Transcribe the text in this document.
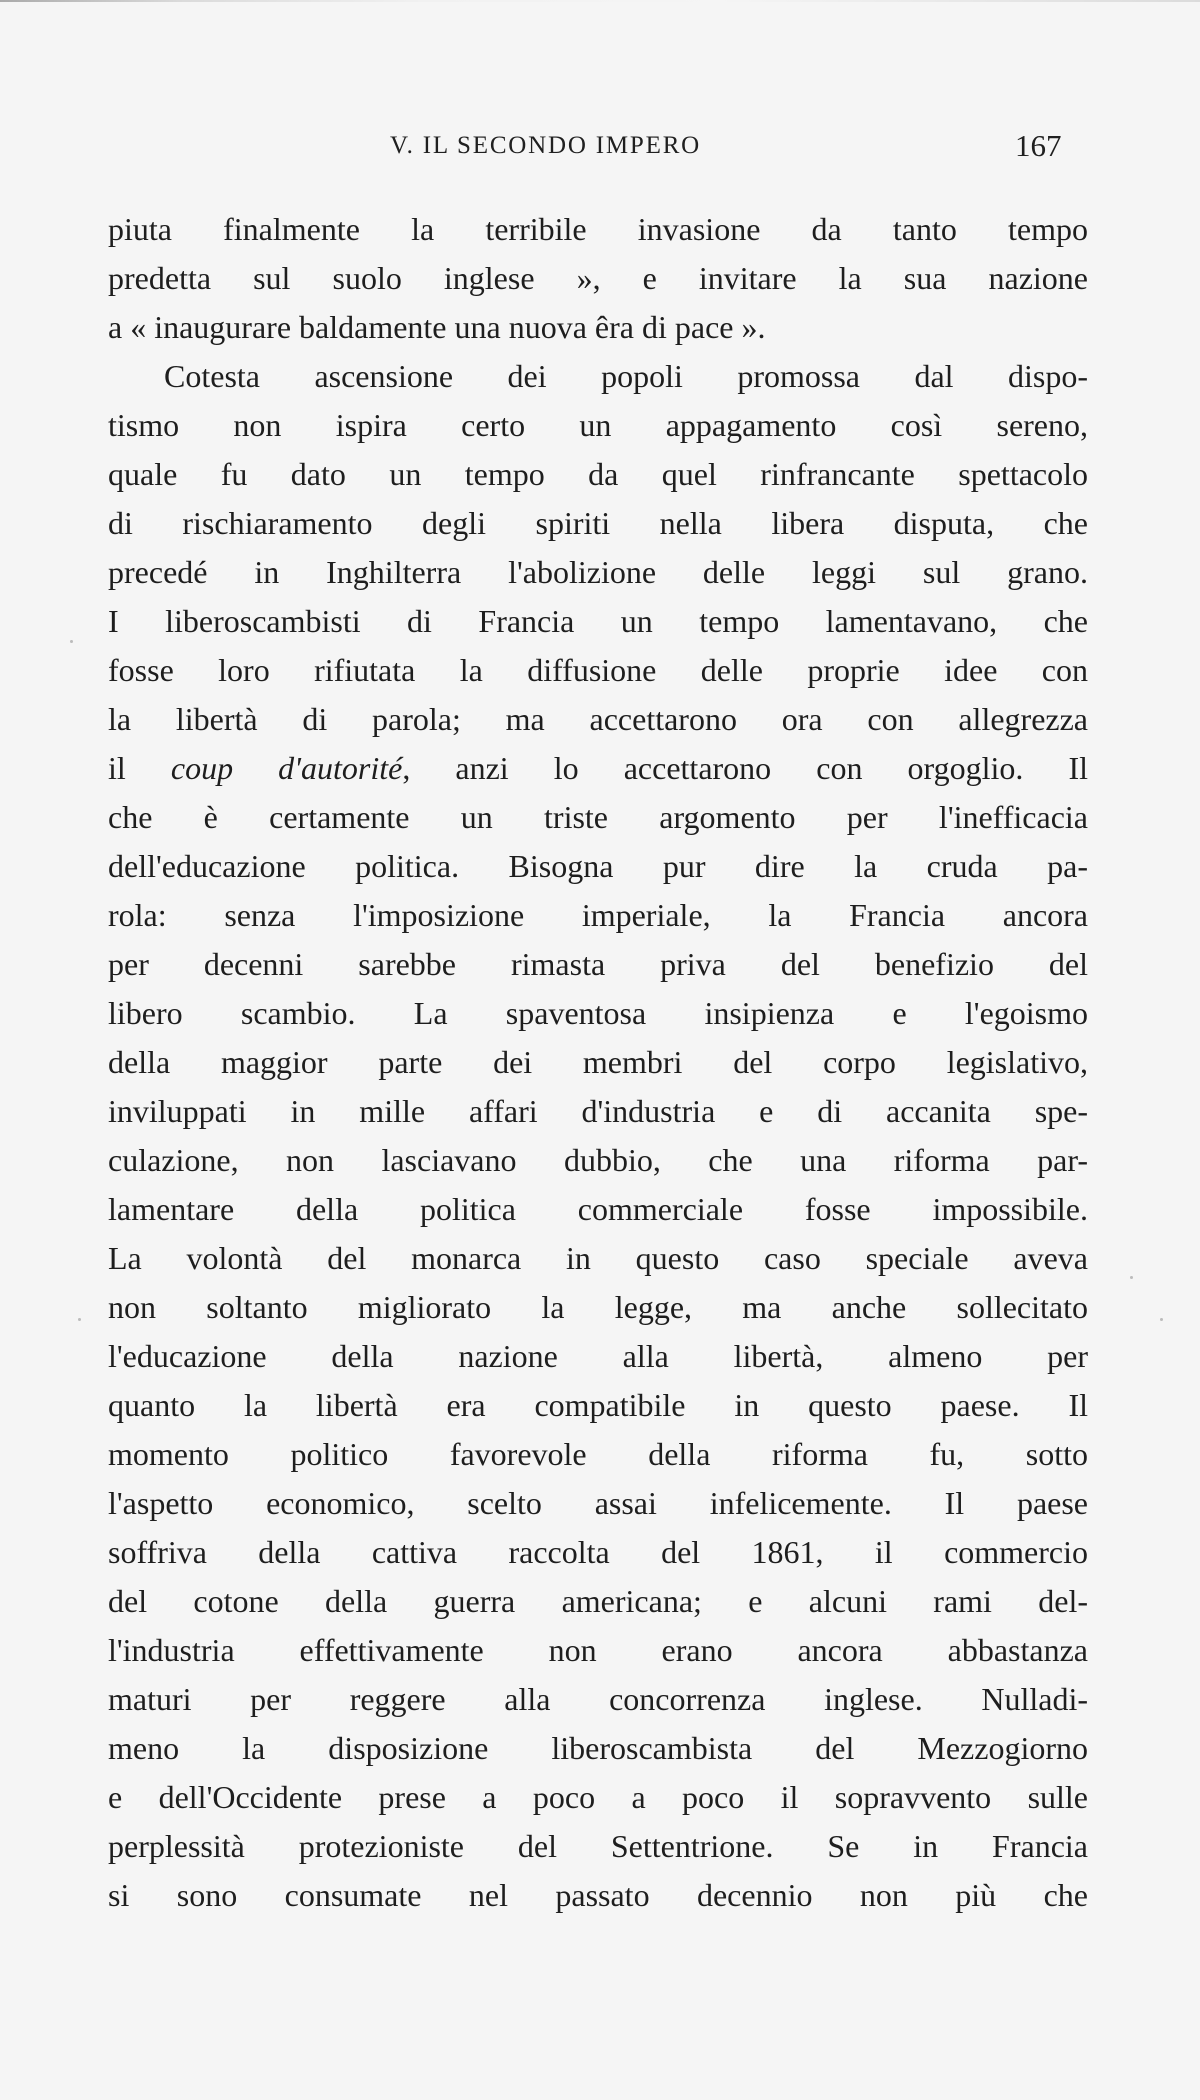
V. IL SECONDO IMPERO	167
piuta finalmente la terribile invasione da tanto tempo
predetta sul suolo inglese », e invitare la sua nazione
a « inaugurare baldamente una nuova êra di pace ».
Cotesta ascensione dei popoli promossa dal dispo-
tismo non ispira certo un appagamento così sereno,
quale fu dato un tempo da quel rinfrancante spettacolo
di rischiaramento degli spiriti nella libera disputa, che
precedé in Inghilterra l'abolizione delle leggi sul grano.
I liberoscambisti di Francia un tempo lamentavano, che
fosse loro rifiutata la diffusione delle proprie idee con
la libertà di parola; ma accettarono ora con allegrezza
il coup d'autorité, anzi lo accettarono con orgoglio. Il
che è certamente un triste argomento per l'inefficacia
dell'educazione politica. Bisogna pur dire la cruda pa-
rola: senza l'imposizione imperiale, la Francia ancora
per decenni sarebbe rimasta priva del benefizio del
libero scambio. La spaventosa insipienza e l'egoismo
della maggior parte dei membri del corpo legislativo,
inviluppati in mille affari d'industria e di accanita spe-
culazione, non lasciavano dubbio, che una riforma par-
lamentare della politica commerciale fosse impossibile.
La volontà del monarca in questo caso speciale aveva
non soltanto migliorato la legge, ma anche sollecitato
l'educazione della nazione alla libertà, almeno per
quanto la libertà era compatibile in questo paese. Il
momento politico favorevole della riforma fu, sotto
l'aspetto economico, scelto assai infelicemente. Il paese
soffriva della cattiva raccolta del 1861, il commercio
del cotone della guerra americana; e alcuni rami del-
l'industria effettivamente non erano ancora abbastanza
maturi per reggere alla concorrenza inglese. Nulladi-
meno la disposizione liberoscambista del Mezzogiorno
e dell'Occidente prese a poco a poco il sopravvento sulle
perplessità protezioniste del Settentrione. Se in Francia
si sono consumate nel passato decennio non più che
